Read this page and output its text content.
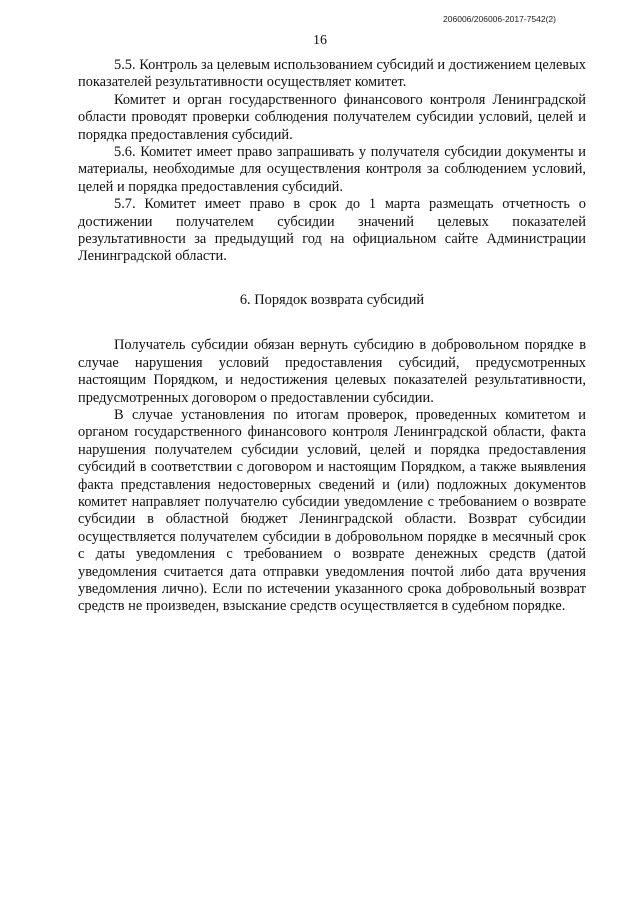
206006/206006-2017-7542(2)
16

5.5. Контроль за целевым использованием субсидий и достижением целевых показателей результативности осуществляет комитет.

Комитет и орган государственного финансового контроля Ленинградской области проводят проверки соблюдения получателем субсидии условий, целей и порядка предоставления субсидий.

5.6. Комитет имеет право запрашивать у получателя субсидии документы и материалы, необходимые для осуществления контроля за соблюдением условий, целей и порядка предоставления субсидий.

5.7. Комитет имеет право в срок до 1 марта размещать отчетность о достижении получателем субсидии значений целевых показателей результативности за предыдущий год на официальном сайте Администрации Ленинградской области.

6. Порядок возврата субсидий

Получатель субсидии обязан вернуть субсидию в добровольном порядке в случае нарушения условий предоставления субсидий, предусмотренных настоящим Порядком, и недостижения целевых показателей результативности, предусмотренных договором о предоставлении субсидии.

В случае установления по итогам проверок, проведенных комитетом и органом государственного финансового контроля Ленинградской области, факта нарушения получателем субсидии условий, целей и порядка предоставления субсидий в соответствии с договором и настоящим Порядком, а также выявления факта представления недостоверных сведений и (или) подложных документов комитет направляет получателю субсидии уведомление с требованием о возврате субсидии в областной бюджет Ленинградской области. Возврат субсидии осуществляется получателем субсидии в добровольном порядке в месячный срок с даты уведомления с требованием о возврате денежных средств (датой уведомления считается дата отправки уведомления почтой либо дата вручения уведомления лично). Если по истечении указанного срока добровольный возврат средств не произведен, взыскание средств осуществляется в судебном порядке.
